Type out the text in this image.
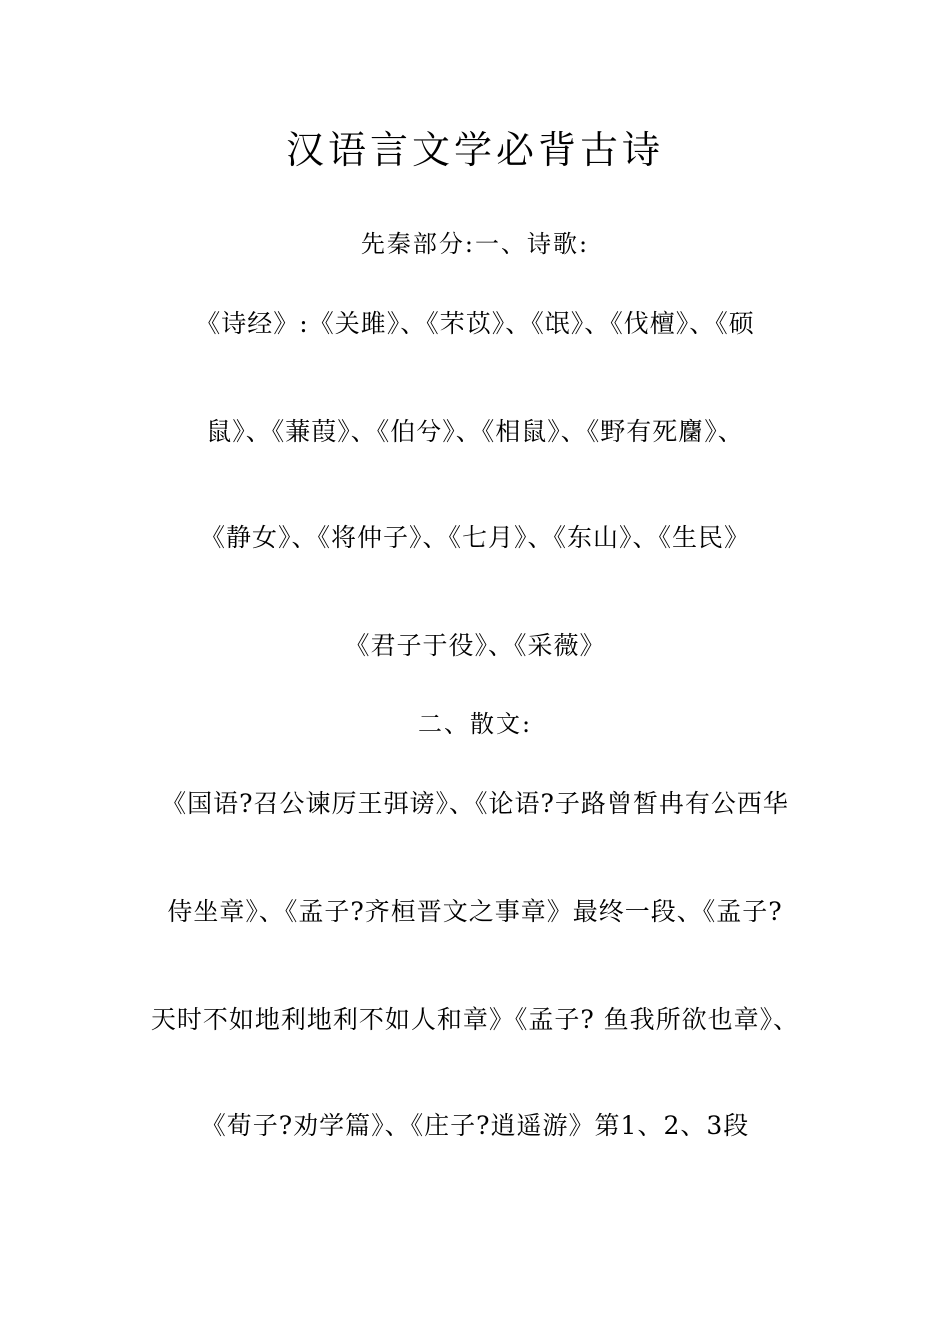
汉语言文学必背古诗
先秦部分:一、诗歌:
《诗经》:《关雎》、《芣苡》、《氓》、《伐檀》、《硕
鼠》、《蒹葭》、《伯兮》、《相鼠》、《野有死麕》、
《静女》、《将仲子》、《七月》、《东山》、《生民》
《君子于役》、《采薇》
二、散文:
《国语?召公谏厉王弭谤》、《论语?子路曾皙冉有公西华
侍坐章》、《孟子?齐桓晋文之事章》最终一段、《孟子?
天时不如地利地利不如人和章》《孟子? 鱼我所欲也章》、
《荀子?劝学篇》、《庄子?逍遥游》第1、2、3段
